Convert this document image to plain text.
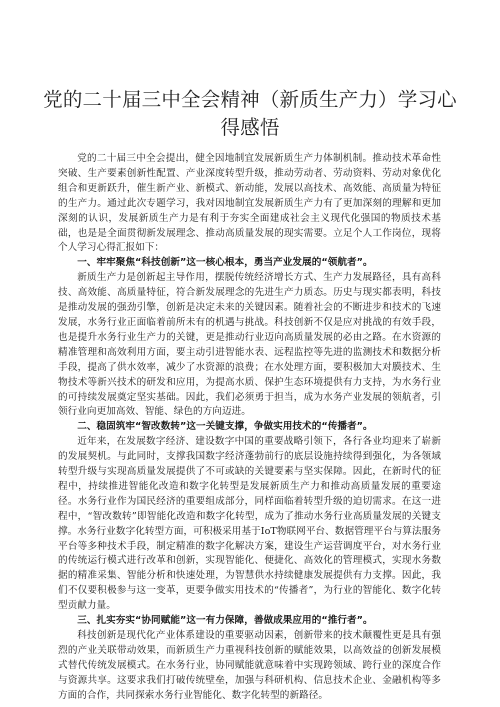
党的二十届三中全会精神（新质生产力）学习心得感悟

党的二十届三中全会提出，健全因地制宜发展新质生产力体制机制。推动技术革命性突破、生产要素创新性配置、产业深度转型升级，推动劳动者、劳动资料、劳动对象优化组合和更新跃升，催生新产业、新模式、新动能，发展以高技术、高效能、高质量为特征的生产力。通过此次专题学习，我对因地制宜发展新质生产力有了更加深刻的理解和更加深刻的认识，发展新质生产力是有利于夯实全面建成社会主义现代化强国的物质技术基础，也是是全面贯彻新发展理念、推动高质量发展的现实需要。立足个人工作岗位，现将个人学习心得汇报如下：

一、牢牢聚焦“科技创新”这一核心根本，勇当产业发展的“领航者”。

新质生产力是创新起主导作用，摆脱传统经济增长方式、生产力发展路径，具有高科技、高效能、高质量特征，符合新发展理念的先进生产力质态。历史与现实都表明，科技是推动发展的强劲引擎，创新是决定未来的关键因素。随着社会的不断进步和技术的飞速发展，水务行业正面临着前所未有的机遇与挑战。科技创新不仅是应对挑战的有效手段，也是提升水务行业生产力的关键，更是推动行业迈向高质量发展的必由之路。在水资源的精准管理和高效利用方面，要主动引进智能水表、远程监控等先进的监测技术和数据分析手段，提高了供水效率，减少了水资源的浪费；在水处理方面，要积极加大对膜技术、生物技术等新兴技术的研发和应用，为提高水质、保护生态环境提供有力支持，为水务行业的可持续发展奠定坚实基础。因此，我们必须勇于担当，成为水务产业发展的领航者，引领行业向更加高效、智能、绿色的方向迈进。

二、稳固筑牢“智改数转”这一关键支撑，争做实用技术的“传播者”。

近年来，在发展数字经济、建设数字中国的重要战略引领下，各行各业均迎来了崭新的发展契机。与此同时，支撑我国数字经济蓬勃前行的底层设施持续得到强化，为各领域转型升级与实现高质量发展提供了不可或缺的关键要素与坚实保障。因此，在新时代的征程中，持续推进智能化改造和数字化转型是发展新质生产力和推动高质量发展的重要途径。水务行业作为国民经济的重要组成部分，同样面临着转型升级的迫切需求。在这一进程中，“智改数转”即智能化改造和数字化转型，成为了推动水务行业高质量发展的关键支撑。水务行业数字化转型方面，可积极采用基于IoT物联网平台、数据管理平台与算法服务平台等多种技术手段，制定精准的数字化解决方案，建设生产运营调度平台，对水务行业的传统运行模式进行改革和创新，实现智能化、便捷化、高效化的管理模式，实现水务数据的精准采集、智能分析和快速处理，为智慧供水持续健康发展提供有力支撑。因此，我们不仅要积极参与这一变革，更要争做实用技术的“传播者”，为行业的智能化、数字化转型贡献力量。

三、扎实夯实“协同赋能”这一有力保障，善做成果应用的“推行者”。

科技创新是现代化产业体系建设的重要驱动因素，创新带来的技术颠覆性更是具有强烈的产业关联带动效果，而新质生产力重视科技创新的赋能效果，以高效益的创新发展模式替代传统发展模式。在水务行业，协同赋能就意味着中实现跨领域、跨行业的深度合作与资源共享。这要求我们打破传统壁垒，加强与科研机构、信息技术企业、金融机构等多方面的合作，共同探索水务行业智能化、数字化转型的新路径。
